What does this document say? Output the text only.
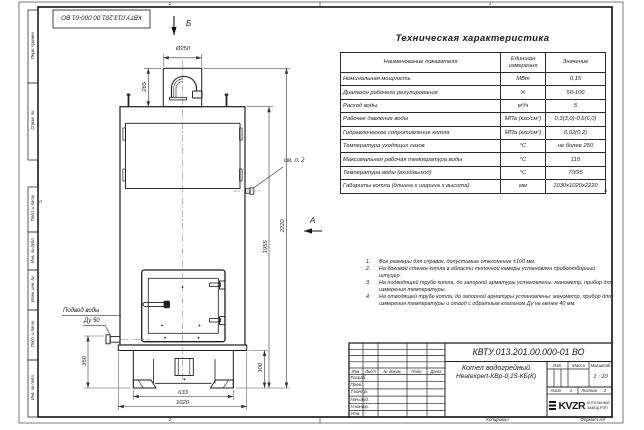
КВТУ.013.201.00.000-01 ВО
2	1
2
А
А
Перв. примен.
Справ. №
Подп. и дата
Инв. № дубл.
Взам. инв. №
Подп. и дата
Инв. № подл.
Ø250
265
2220
1955
350
300
633
1020
Б
А
см. п. 2
Подвод воды
Ду 50
Техническая характеристика
Наименование показателя	Единицы измерения	Значение
Номинальная мощность	МВт	0,15
Диапазон рабочего регулирования	%	50-100
Расход воды	м³/ч	5
Рабочее давление воды	МПа (кгс/см²)	0,3(3,0)-0,6(6,0)
Гидравлическое сопротивление котла	МПа (кгс/см²)	0,02(0,2)
Температура уходящих газов	°С	не более 250
Максимальная рабочая температура воды	°С	115
Температура воды (вход/выход)	°С	70/95
Габариты котла (длинна х ширина х высота)	мм	1030х1020х2220
1.	Все размеры для справок, допустимые отклонение ±100 мм.
2.	На боковой стенке котла в области топочной камеры установлен пробоотборный штуцер.
3.	На подводящей трубе котла, до запорной арматуры установлены: манометр, прибор для измерения температуры.
4.	На отводящей трубе котла, до запорной арматуры установлены: манометр, прибор для измерения температуры и отвод с обратным клапаном Ду не менее 40 мм.
КВТУ.013.201.00.000-01 ВО
Котел водогрейный
Heatexpert-КВр-0,15-КБ(К)
Изм.	Лист	№ докум.	Подп.	Дата
Разраб.
Пров.
Т.контр.
Нач.отд.
Н.контр.
Утв.
Лит.	Масса	Масштаб
1 : 10
Лист	1	Листов	2
KVZR КОТЕЛЬНЫЙ
ЗАВОД РЭП
Копировал	Формат А3
